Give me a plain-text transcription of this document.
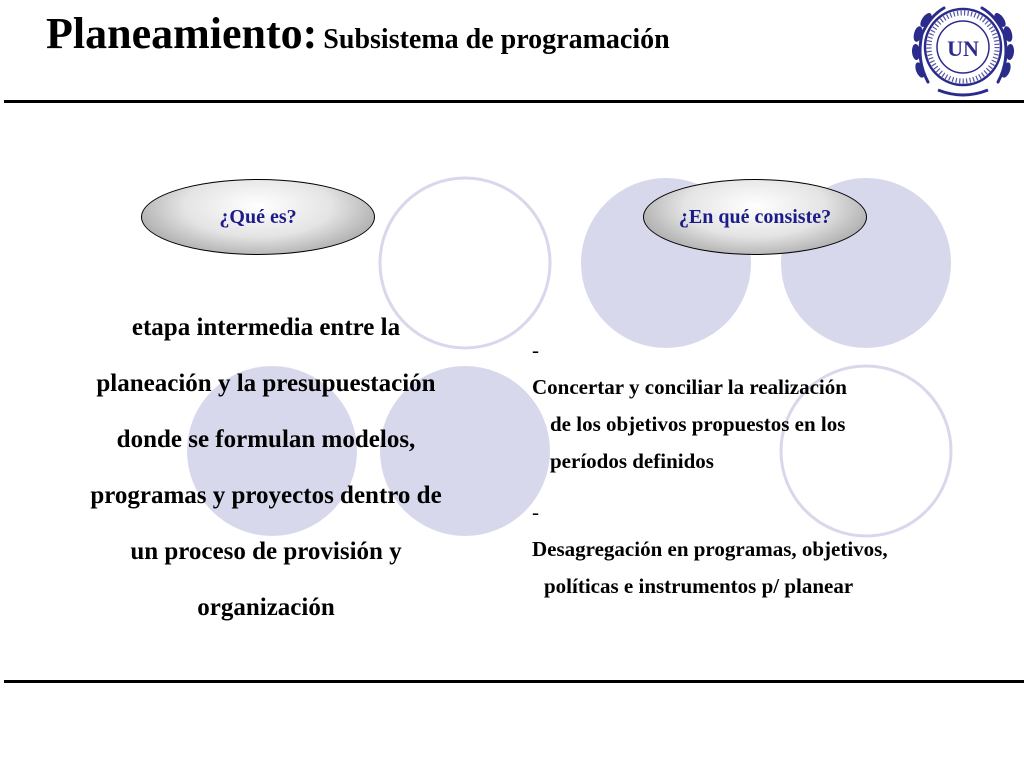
Planeamiento: Subsistema de programación	UN
¿Qué es?	¿En qué consiste?
etapa intermedia entre la
planeación y la presupuestación
donde se formulan modelos,
programas y proyectos dentro de
un proceso de provisión y
organización
-
Concertar y conciliar la realización
de los objetivos propuestos en los
períodos definidos
-
Desagregación en programas, objetivos,
políticas e instrumentos p/ planear
